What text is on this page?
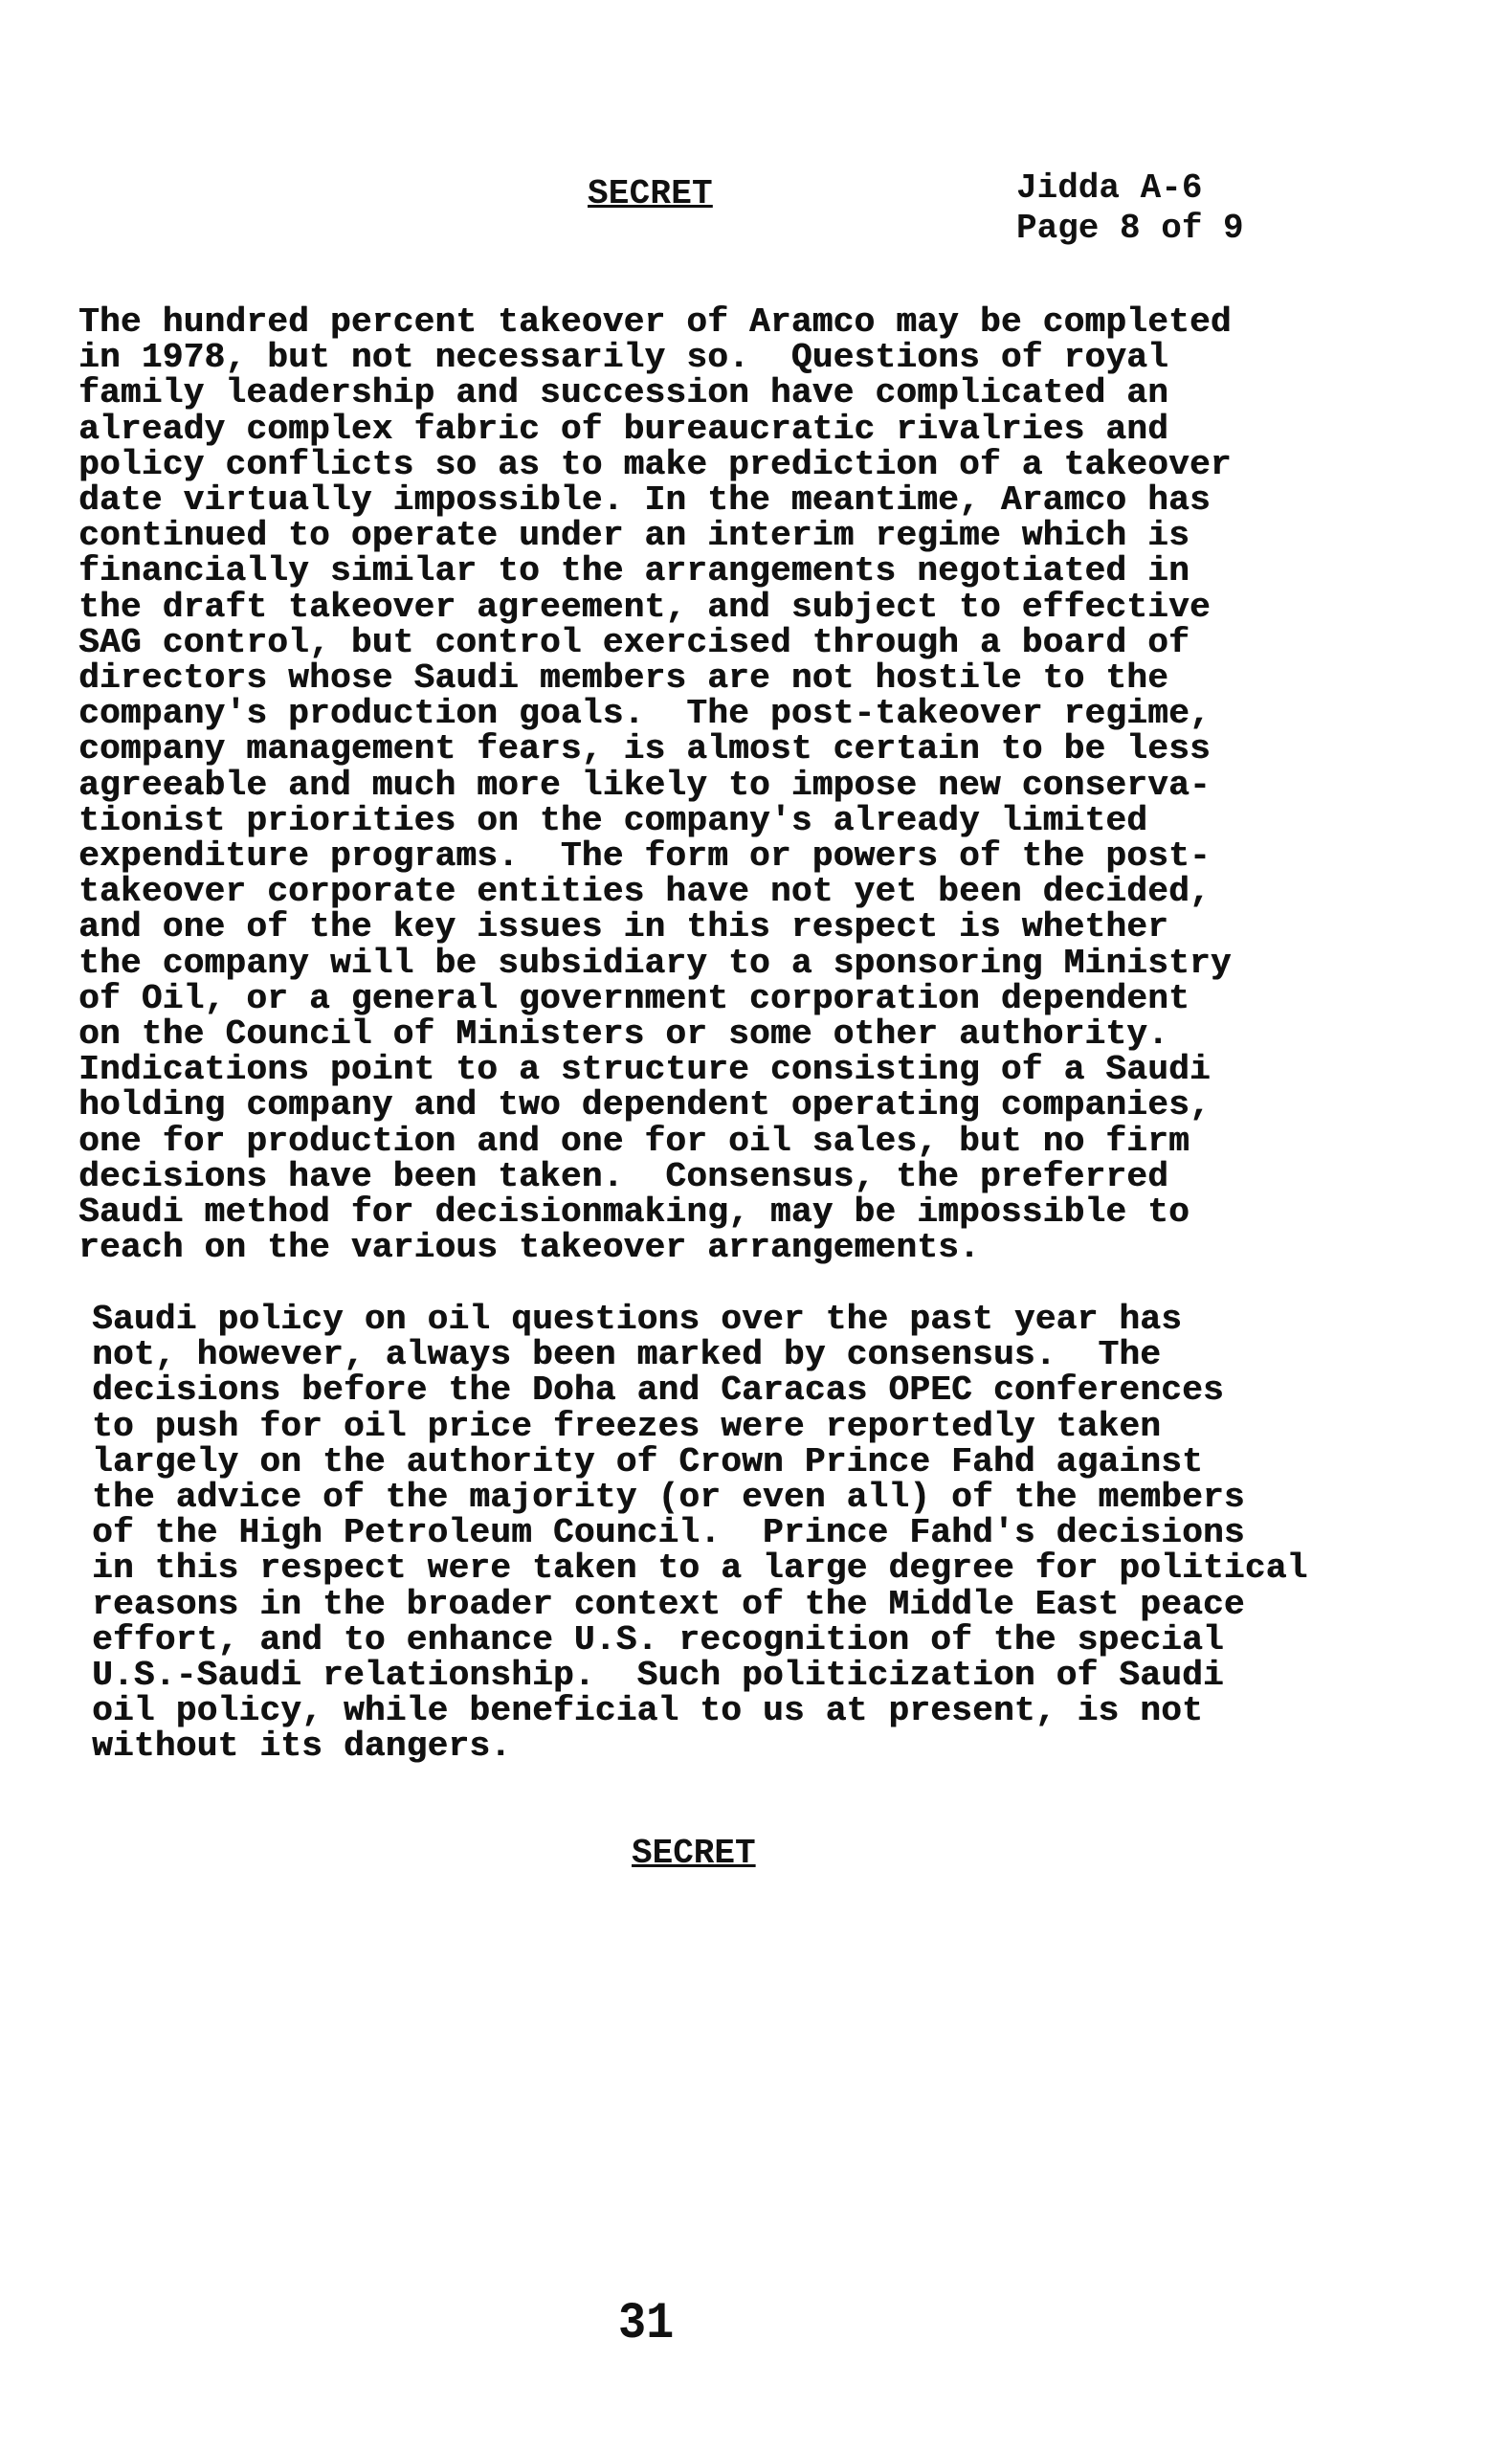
SECRET	Jidda A-6
Page 8 of 9
The hundred percent takeover of Aramco may be completed
in 1978, but not necessarily so.  Questions of royal
family leadership and succession have complicated an
already complex fabric of bureaucratic rivalries and
policy conflicts so as to make prediction of a takeover
date virtually impossible. In the meantime, Aramco has
continued to operate under an interim regime which is
financially similar to the arrangements negotiated in
the draft takeover agreement, and subject to effective
SAG control, but control exercised through a board of
directors whose Saudi members are not hostile to the
company's production goals.  The post-takeover regime,
company management fears, is almost certain to be less
agreeable and much more likely to impose new conserva-
tionist priorities on the company's already limited
expenditure programs.  The form or powers of the post-
takeover corporate entities have not yet been decided,
and one of the key issues in this respect is whether
the company will be subsidiary to a sponsoring Ministry
of Oil, or a general government corporation dependent
on the Council of Ministers or some other authority.
Indications point to a structure consisting of a Saudi
holding company and two dependent operating companies,
one for production and one for oil sales, but no firm
decisions have been taken.  Consensus, the preferred
Saudi method for decisionmaking, may be impossible to
reach on the various takeover arrangements.
Saudi policy on oil questions over the past year has
not, however, always been marked by consensus.  The
decisions before the Doha and Caracas OPEC conferences
to push for oil price freezes were reportedly taken
largely on the authority of Crown Prince Fahd against
the advice of the majority (or even all) of the members
of the High Petroleum Council.  Prince Fahd's decisions
in this respect were taken to a large degree for political
reasons in the broader context of the Middle East peace
effort, and to enhance U.S. recognition of the special
U.S.-Saudi relationship.  Such politicization of Saudi
oil policy, while beneficial to us at present, is not
without its dangers.
SECRET
31
